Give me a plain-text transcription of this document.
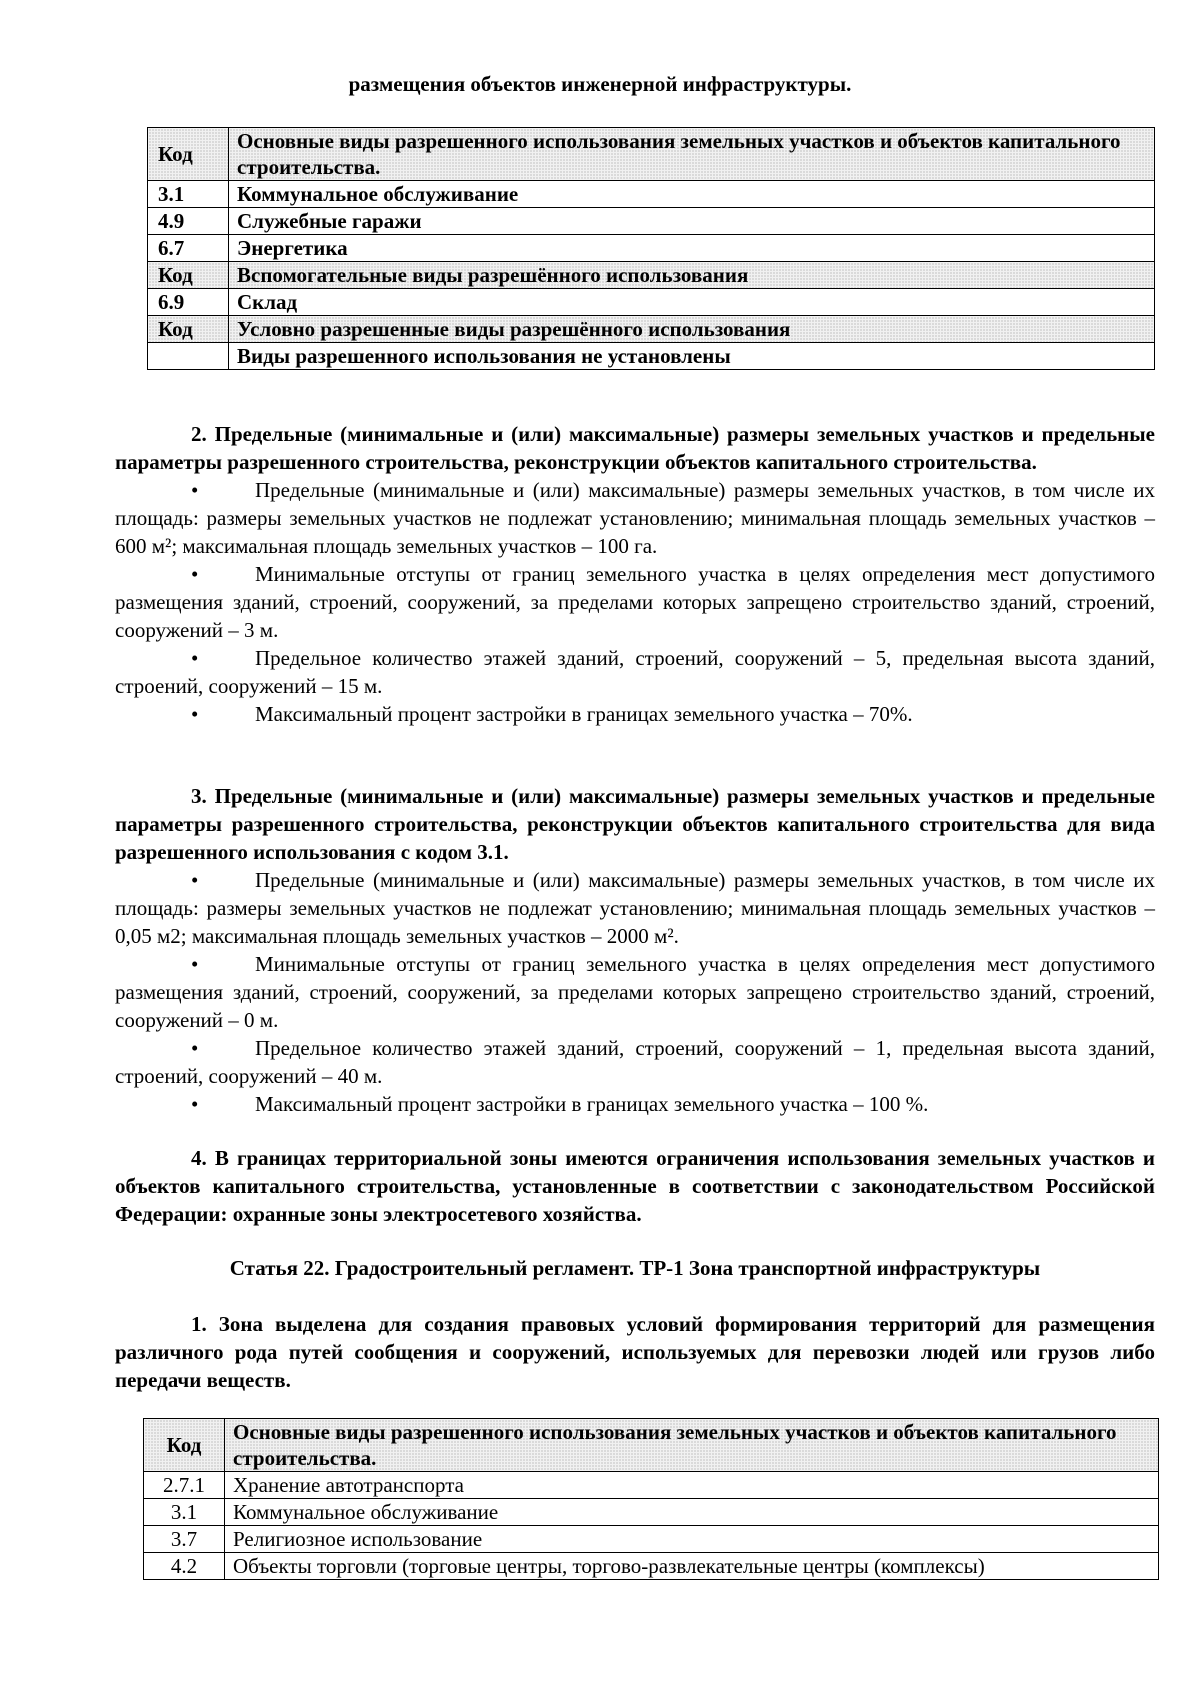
размещения объектов инженерной инфраструктуры.
Код	Основные виды разрешенного использования земельных участков и объектов капитального строительства.
3.1	Коммунальное обслуживание
4.9	Служебные гаражи
6.7	Энергетика
Код	Вспомогательные виды разрешённого использования
6.9	Склад
Код	Условно разрешенные виды разрешённого использования
	Виды разрешенного использования не установлены

2. Предельные (минимальные и (или) максимальные) размеры земельных участков и предельные параметры разрешенного строительства, реконструкции объектов капитального строительства.

•	Предельные (минимальные и (или) максимальные) размеры земельных участков, в том числе их площадь: размеры земельных участков не подлежат установлению; минимальная площадь земельных участков – 600 м²; максимальная площадь земельных участков – 100 га.

•	Минимальные отступы от границ земельного участка в целях определения мест допустимого размещения зданий, строений, сооружений, за пределами которых запрещено строительство зданий, строений, сооружений – 3 м.

•	Предельное количество этажей зданий, строений, сооружений – 5, предельная высота зданий, строений, сооружений – 15 м.

•	Максимальный процент застройки в границах земельного участка – 70%.

3. Предельные (минимальные и (или) максимальные) размеры земельных участков и предельные параметры разрешенного строительства, реконструкции объектов капитального строительства для вида разрешенного использования с кодом 3.1.

•	Предельные (минимальные и (или) максимальные) размеры земельных участков, в том числе их площадь: размеры земельных участков не подлежат установлению; минимальная площадь земельных участков – 0,05 м2; максимальная площадь земельных участков – 2000 м².

•	Минимальные отступы от границ земельного участка в целях определения мест допустимого размещения зданий, строений, сооружений, за пределами которых запрещено строительство зданий, строений, сооружений – 0 м.

•	Предельное количество этажей зданий, строений, сооружений – 1, предельная высота зданий, строений, сооружений – 40 м.

•	Максимальный процент застройки в границах земельного участка – 100 %.

4. В границах территориальной зоны имеются ограничения использования земельных участков и объектов капитального строительства, установленные в соответствии с законодательством Российской Федерации: охранные зоны электросетевого хозяйства.

Статья 22. Градостроительный регламент. ТР-1 Зона транспортной инфраструктуры

1. Зона выделена для создания правовых условий формирования территорий для размещения различного рода путей сообщения и сооружений, используемых для перевозки людей или грузов либо передачи веществ.

Код	Основные виды разрешенного использования земельных участков и объектов капитального строительства.
2.7.1	Хранение автотранспорта
3.1	Коммунальное обслуживание
3.7	Религиозное использование
4.2	Объекты торговли (торговые центры, торгово-развлекательные центры (комплексы)
